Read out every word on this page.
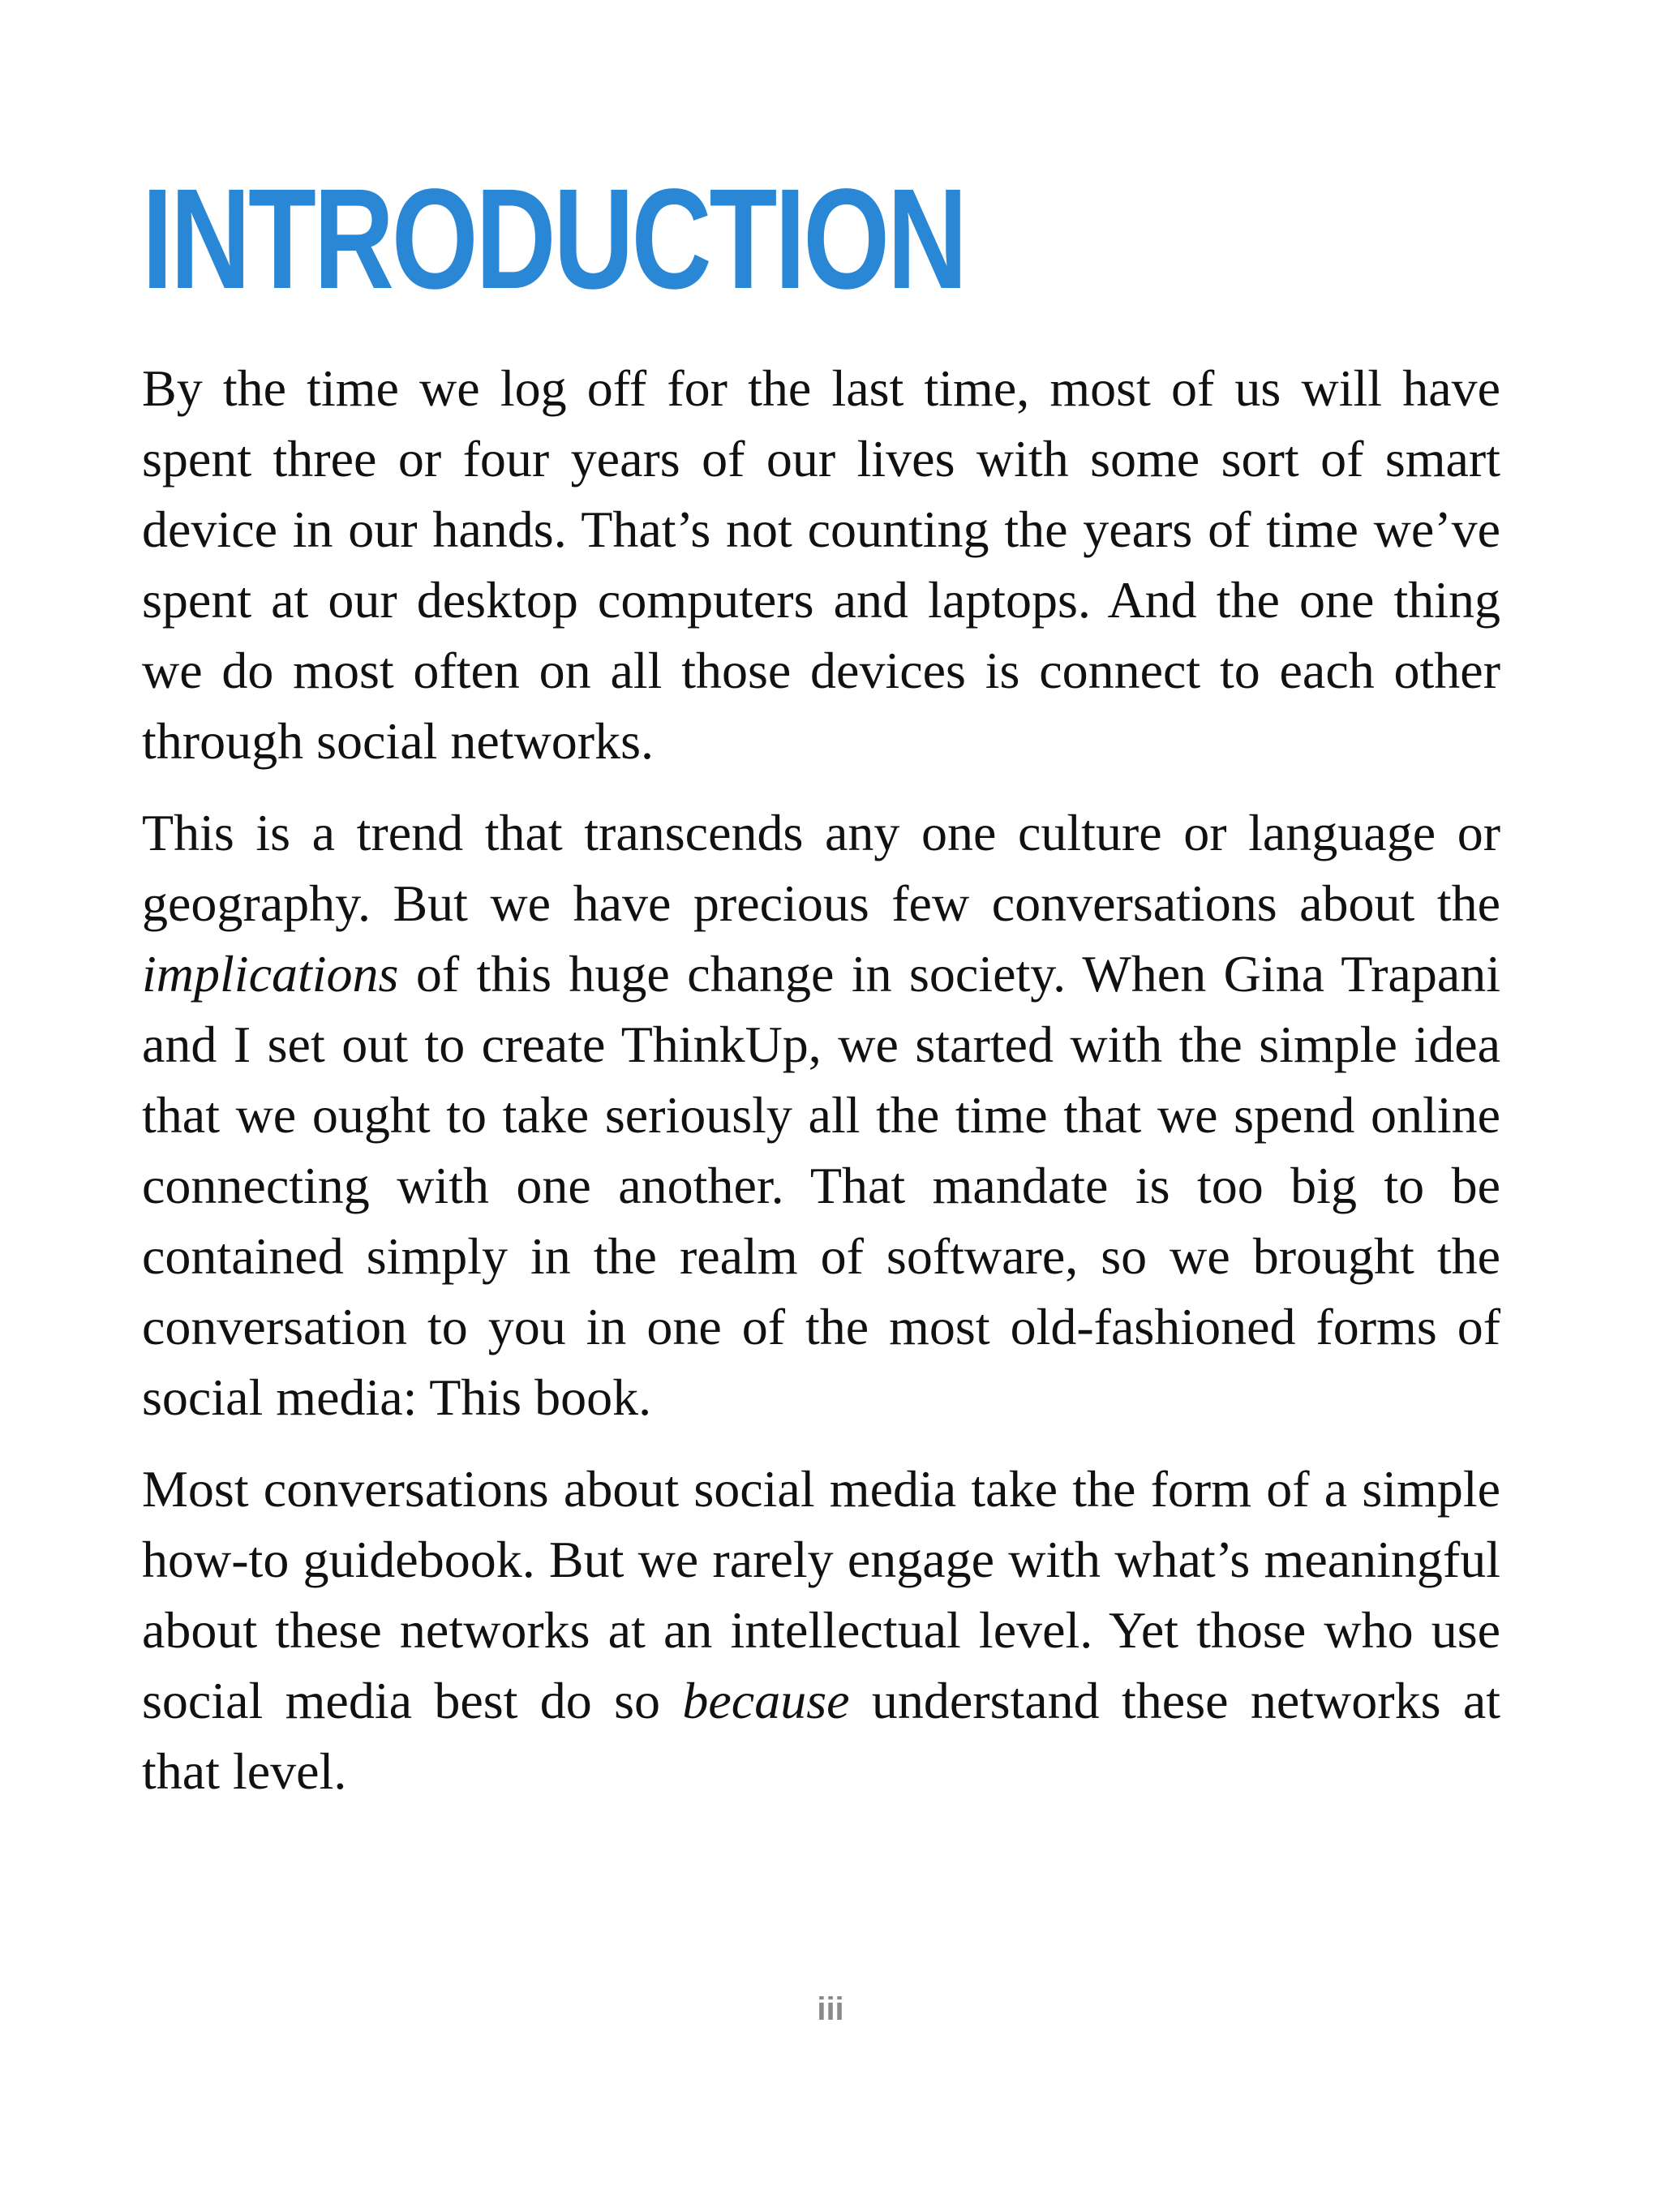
INTRODUCTION

By the time we log off for the last time, most of us will have spent three or four years of our lives with some sort of smart device in our hands. That’s not counting the years of time we’ve spent at our desktop computers and laptops. And the one thing we do most often on all those devices is connect to each other through social networks.

This is a trend that transcends any one culture or language or geography. But we have precious few conversations about the implications of this huge change in society. When Gina Trapani and I set out to create ThinkUp, we started with the simple idea that we ought to take seriously all the time that we spend online connecting with one another. That mandate is too big to be contained simply in the realm of software, so we brought the conversation to you in one of the most old-fashioned forms of social media: This book.

Most conversations about social media take the form of a simple how-to guidebook. But we rarely engage with what’s meaningful about these networks at an intellectual level. Yet those who use social media best do so because understand these networks at that level.

iii
